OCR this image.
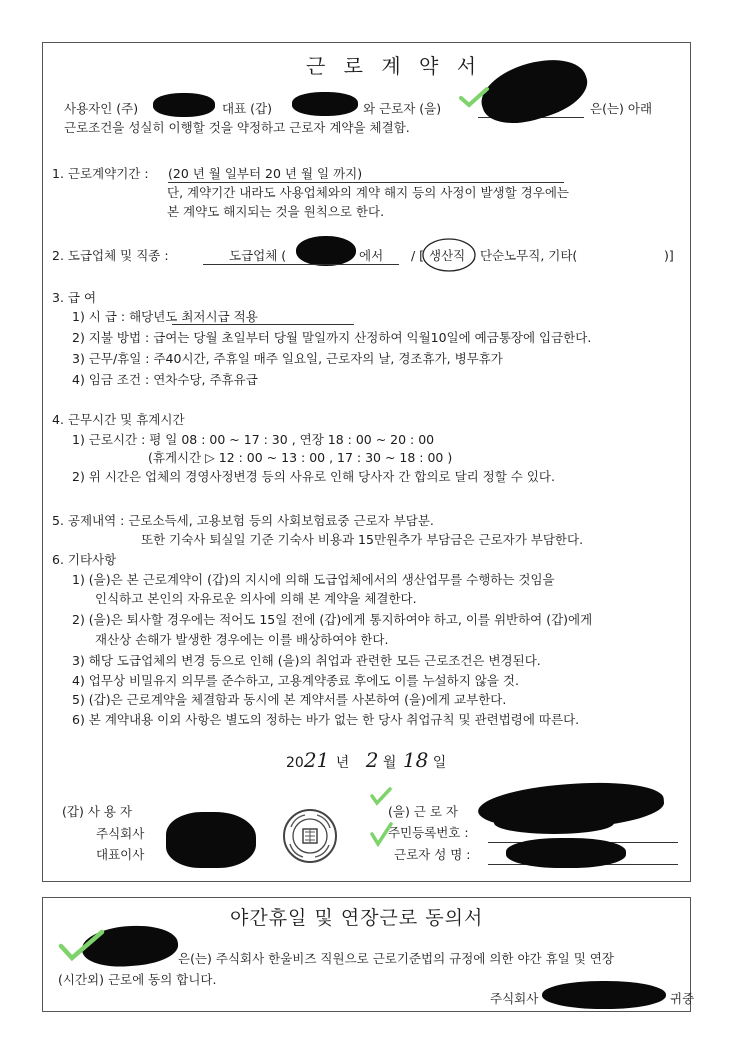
근 로 계 약 서
사용자인 (주)	대표 (갑)	와 근로자 (을)	은(는) 아래
근로조건을 성실히 이행할 것을 약정하고 근로자 계약을 체결함.
1. 근로계약기간 : (20 년 월 일부터 20 년 월 일 까지)
단, 계약기간 내라도 사용업체와의 계약 해지 등의 사정이 발생할 경우에는
본 계약도 해지되는 것을 원칙으로 한다.
2. 도급업체 및 직종 :	도급업체 (	에서 / [ 생산직 , 단순노무직, 기타(	)]
3. 급 여
1) 시 급 : 해당년도 최저시급 적용
2) 지불 방법 : 급여는 당월 초일부터 당월 말일까지 산정하여 익월10일에 예금통장에 입금한다.
3) 근무/휴일 : 주40시간, 주휴일 매주 일요일, 근로자의 날, 경조휴가, 병무휴가
4) 임금 조건 : 연차수당, 주휴유급
4. 근무시간 및 휴계시간
1) 근로시간 : 평 일 08 : 00 ~ 17 : 30 , 연장 18 : 00 ~ 20 : 00
(휴게시간 ▷ 12 : 00 ~ 13 : 00 , 17 : 30 ~ 18 : 00 )
2) 위 시간은 업체의 경영사정변경 등의 사유로 인해 당사자 간 합의로 달리 정할 수 있다.
5. 공제내역 : 근로소득세, 고용보험 등의 사회보험료중 근로자 부담분.
또한 기숙사 퇴실일 기준 기숙사 비용과 15만원추가 부담금은 근로자가 부담한다.
6. 기타사항
1) (을)은 본 근로계약이 (갑)의 지시에 의해 도급업체에서의 생산업무를 수행하는 것임을
인식하고 본인의 자유로운 의사에 의해 본 계약을 체결한다.
2) (을)은 퇴사할 경우에는 적어도 15일 전에 (갑)에게 통지하여야 하고, 이를 위반하여 (갑)에게
재산상 손해가 발생한 경우에는 이를 배상하여야 한다.
3) 해당 도급업체의 변경 등으로 인해 (을)의 취업과 관련한 모든 근로조건은 변경된다.
4) 업무상 비밀유지 의무를 준수하고, 고용계약종료 후에도 이를 누설하지 않을 것.
5) (갑)은 근로계약을 체결함과 동시에 본 계약서를 사본하여 (을)에게 교부한다.
6) 본 계약내용 이외 사항은 별도의 정하는 바가 없는 한 당사 취업규칙 및 관련법령에 따른다.
2021 년 2 월 18 일
(갑) 사 용 자
주식회사
대표이사
(을) 근 로 자
주민등록번호 :
근로자 성 명 :
야간휴일 및 연장근로 동의서
은(는) 주식회사 한울비즈 직원으로 근로기준법의 규정에 의한 야간 휴일 및 연장
(시간외) 근로에 동의 합니다.
주식회사	귀중
